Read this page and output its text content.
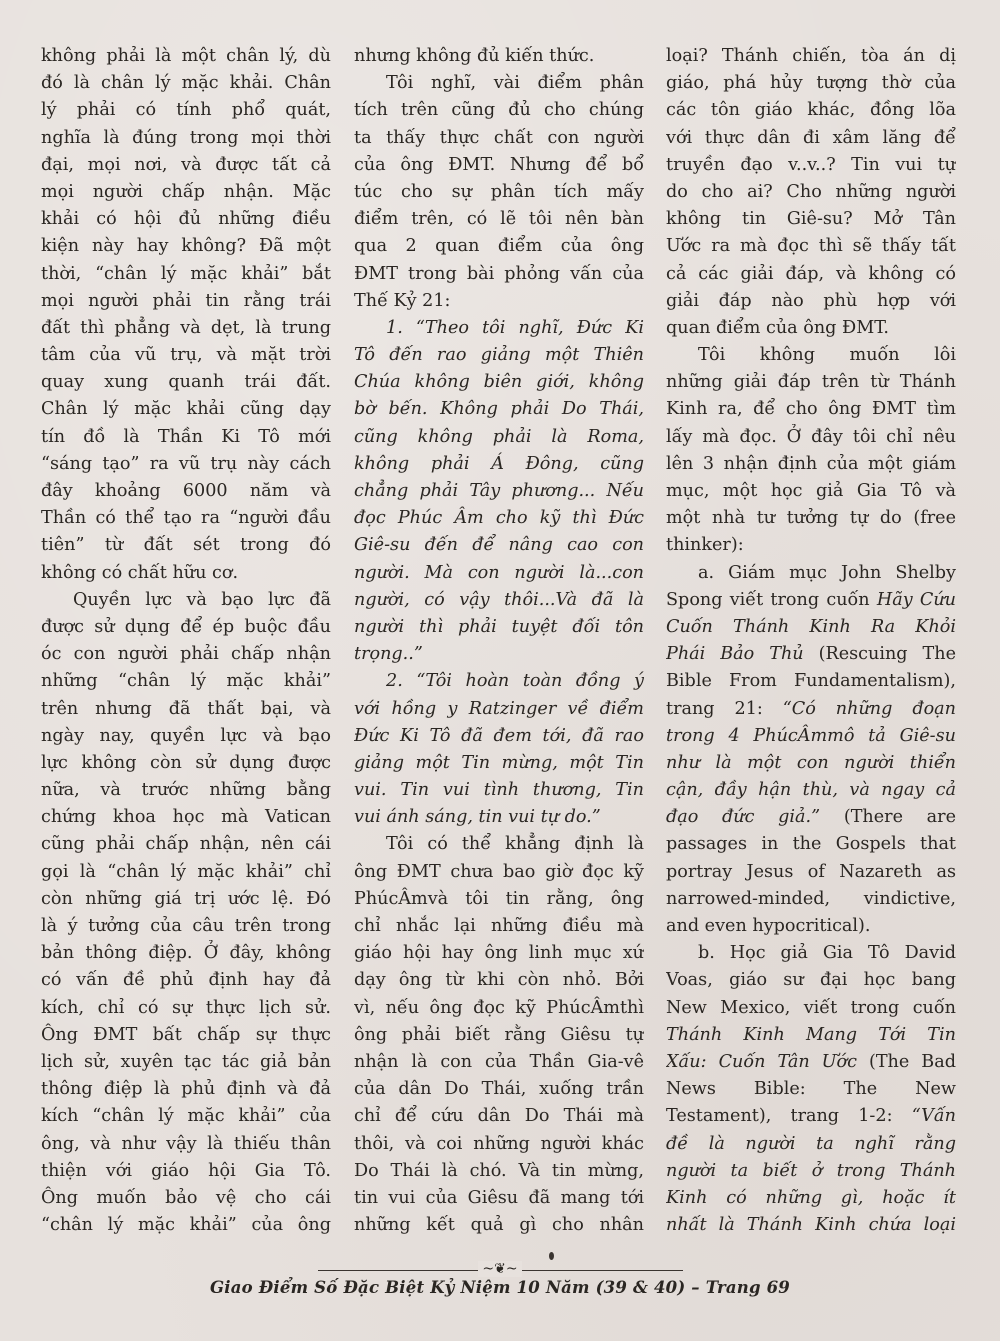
không phải là một chân lý, dù
đó là chân lý mặc khải. Chân
lý phải có tính phổ quát,
nghĩa là đúng trong mọi thời
đại, mọi nơi, và được tất cả
mọi người chấp nhận. Mặc
khải có hội đủ những điều
kiện này hay không? Đã một
thời, “chân lý mặc khải” bắt
mọi người phải tin rằng trái
đất thì phẳng và dẹt, là trung
tâm của vũ trụ, và mặt trời
quay xung quanh trái đất.
Chân lý mặc khải cũng dạy
tín đồ là Thần Ki Tô mới
“sáng tạo” ra vũ trụ này cách
đây khoảng 6000 năm và
Thần có thể tạo ra “người đầu
tiên” từ đất sét trong đó
không có chất hữu cơ.
Quyền lực và bạo lực đã
được sử dụng để ép buộc đầu
óc con người phải chấp nhận
những “chân lý mặc khải”
trên nhưng đã thất bại, và
ngày nay, quyền lực và bạo
lực không còn sử dụng được
nữa, và trước những bằng
chứng khoa học mà Vatican
cũng phải chấp nhận, nên cái
gọi là “chân lý mặc khải” chỉ
còn những giá trị ước lệ. Đó
là ý tưởng của câu trên trong
bản thông điệp. Ở đây, không
có vấn đề phủ định hay đả
kích, chỉ có sự thực lịch sử.
Ông ĐMT bất chấp sự thực
lịch sử, xuyên tạc tác giả bản
thông điệp là phủ định và đả
kích “chân lý mặc khải” của
ông, và như vậy là thiếu thân
thiện với giáo hội Gia Tô.
Ông muốn bảo vệ cho cái
“chân lý mặc khải” của ông
nhưng không đủ kiến thức.
Tôi nghĩ, vài điểm phân
tích trên cũng đủ cho chúng
ta thấy thực chất con người
của ông ĐMT. Nhưng để bổ
túc cho sự phân tích mấy
điểm trên, có lẽ tôi nên bàn
qua 2 quan điểm của ông
ĐMT trong bài phỏng vấn của
Thế Kỷ 21:
1. “Theo tôi nghĩ, Đức Ki
Tô đến rao giảng một Thiên
Chúa không biên giới, không
bờ bến. Không phải Do Thái,
cũng không phải là Roma,
không phải Á Đông, cũng
chẳng phải Tây phương... Nếu
đọc Phúc Âm cho kỹ thì Đức
Giê-su đến để nâng cao con
người. Mà con người là...con
người, có vậy thôi...Và đã là
người thì phải tuyệt đối tôn
trọng..”
2. “Tôi hoàn toàn đồng ý
với hồng y Ratzinger về điểm
Đức Ki Tô đã đem tới, đã rao
giảng một Tin mừng, một Tin
vui. Tin vui tình thương, Tin
vui ánh sáng, tin vui tự do.”
Tôi có thể khẳng định là
ông ĐMT chưa bao giờ đọc kỹ
PhúcÂmvà tôi tin rằng, ông
chỉ nhắc lại những điều mà
giáo hội hay ông linh mục xứ
dạy ông từ khi còn nhỏ. Bởi
vì, nếu ông đọc kỹ PhúcÂmthì
ông phải biết rằng Giêsu tự
nhận là con của Thần Gia-vê
của dân Do Thái, xuống trần
chỉ để cứu dân Do Thái mà
thôi, và coi những người khác
Do Thái là chó. Và tin mừng,
tin vui của Giêsu đã mang tới
những kết quả gì cho nhân
loại? Thánh chiến, tòa án dị
giáo, phá hủy tượng thờ của
các tôn giáo khác, đồng lõa
với thực dân đi xâm lăng để
truyền đạo v..v..? Tin vui tự
do cho ai? Cho những người
không tin Giê-su? Mở Tân
Ước ra mà đọc thì sẽ thấy tất
cả các giải đáp, và không có
giải đáp nào phù hợp với
quan điểm của ông ĐMT.
Tôi không muốn lôi
những giải đáp trên từ Thánh
Kinh ra, để cho ông ĐMT tìm
lấy mà đọc. Ở đây tôi chỉ nêu
lên 3 nhận định của một giám
mục, một học giả Gia Tô và
một nhà tư tưởng tự do (free
thinker):
a. Giám mục John Shelby
Spong viết trong cuốn Hãy Cứu
Cuốn Thánh Kinh Ra Khỏi
Phái Bảo Thủ (Rescuing The
Bible From Fundamentalism),
trang 21: “Có những đoạn
trong 4 PhúcÂmmô tả Giê-su
như là một con người thiển
cận, đầy hận thù, và ngay cả
đạo đức giả.” (There are
passages in the Gospels that
portray Jesus of Nazareth as
narrowed-minded, vindictive,
and even hypocritical).
b. Học giả Gia Tô David
Voas, giáo sư đại học bang
New Mexico, viết trong cuốn
Thánh Kinh Mang Tới Tin
Xấu: Cuốn Tân Ước (The Bad
News Bible: The New
Testament), trang 1-2: “Vấn
đề là người ta nghĩ rằng
người ta biết ở trong Thánh
Kinh có những gì, hoặc ít
nhất là Thánh Kinh chứa loại
~❦~
Giao Điểm Số Đặc Biệt Kỷ Niệm 10 Năm (39 & 40) – Trang 69
